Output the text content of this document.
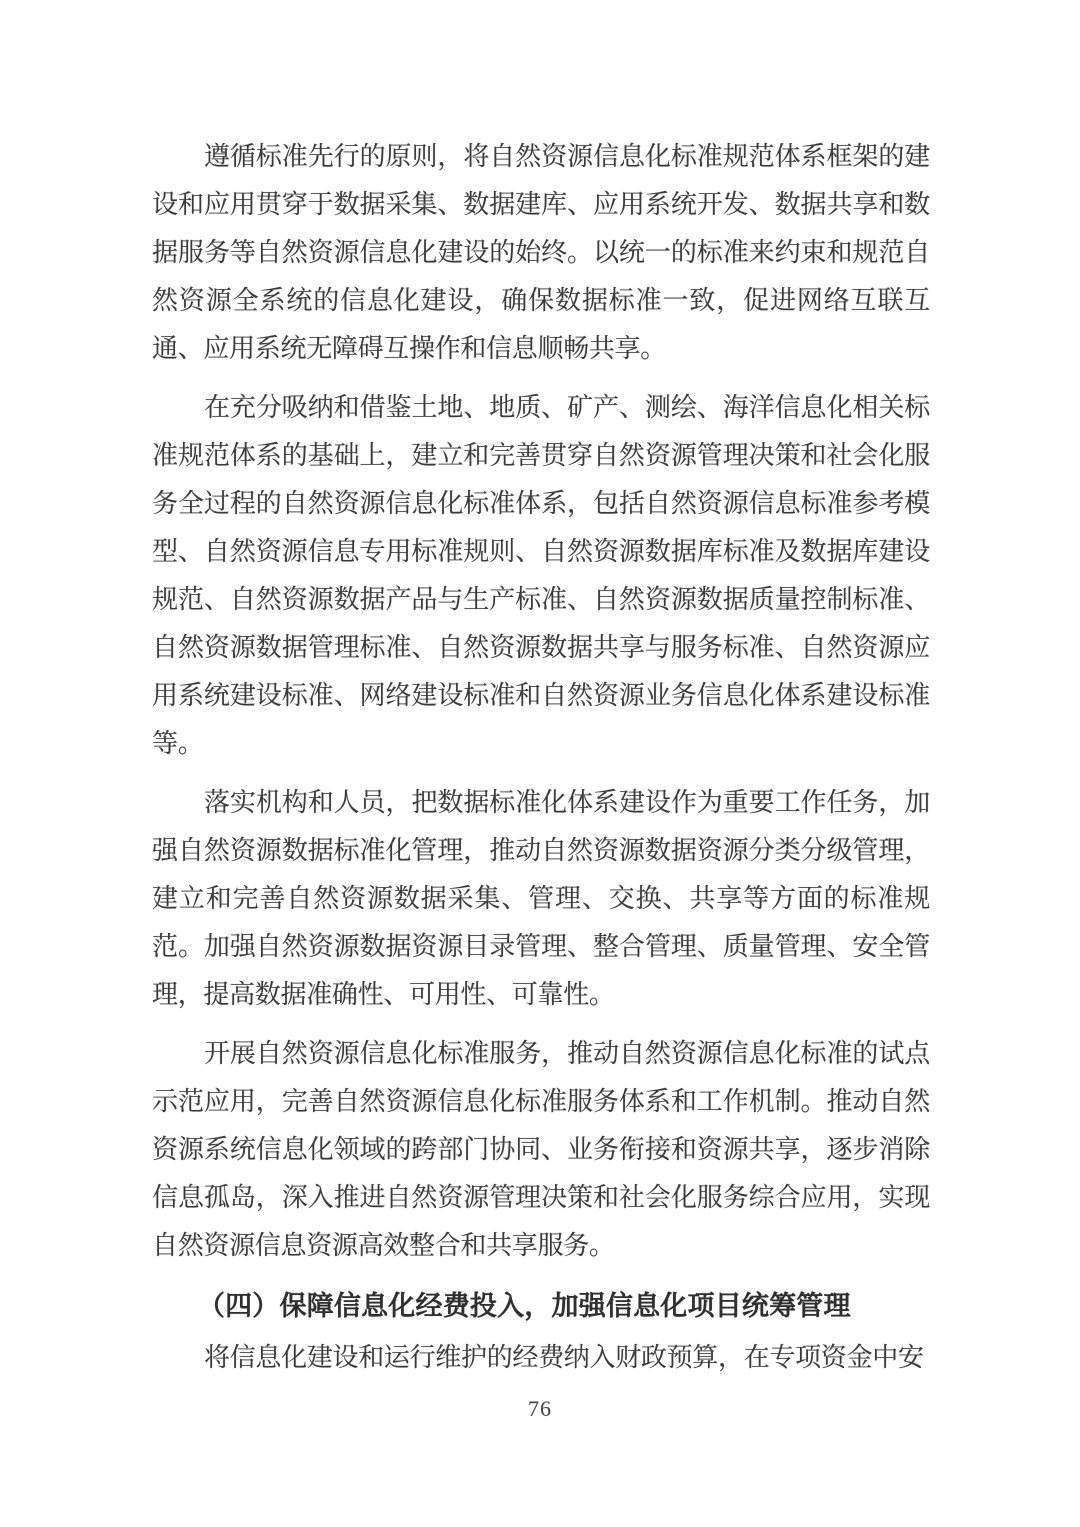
遵循标准先行的原则，将自然资源信息化标准规范体系框架的建设和应用贯穿于数据采集、数据建库、应用系统开发、数据共享和数据服务等自然资源信息化建设的始终。以统一的标准来约束和规范自然资源全系统的信息化建设，确保数据标准一致，促进网络互联互通、应用系统无障碍互操作和信息顺畅共享。

在充分吸纳和借鉴土地、地质、矿产、测绘、海洋信息化相关标准规范体系的基础上，建立和完善贯穿自然资源管理决策和社会化服务全过程的自然资源信息化标准体系，包括自然资源信息标准参考模型、自然资源信息专用标准规则、自然资源数据库标准及数据库建设规范、自然资源数据产品与生产标准、自然资源数据质量控制标准、自然资源数据管理标准、自然资源数据共享与服务标准、自然资源应用系统建设标准、网络建设标准和自然资源业务信息化体系建设标准等。

落实机构和人员，把数据标准化体系建设作为重要工作任务，加强自然资源数据标准化管理，推动自然资源数据资源分类分级管理，建立和完善自然资源数据采集、管理、交换、共享等方面的标准规范。加强自然资源数据资源目录管理、整合管理、质量管理、安全管理，提高数据准确性、可用性、可靠性。

开展自然资源信息化标准服务，推动自然资源信息化标准的试点示范应用，完善自然资源信息化标准服务体系和工作机制。推动自然资源系统信息化领域的跨部门协同、业务衔接和资源共享，逐步消除信息孤岛，深入推进自然资源管理决策和社会化服务综合应用，实现自然资源信息资源高效整合和共享服务。

（四）保障信息化经费投入，加强信息化项目统筹管理

将信息化建设和运行维护的经费纳入财政预算，在专项资金中安

76
